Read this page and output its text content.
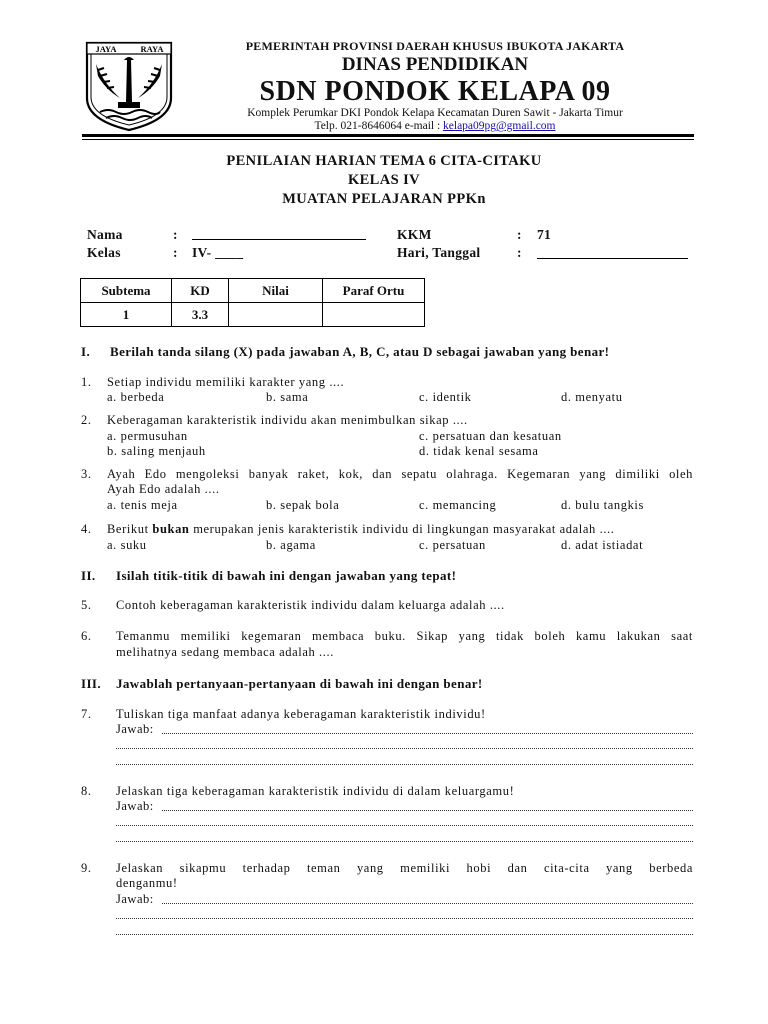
JAYA	RAYA	PEMERINTAH PROVINSI DAERAH KHUSUS IBUKOTA JAKARTA
DINAS PENDIDIKAN
SDN PONDOK KELAPA 09
Komplek Perumkar DKI Pondok Kelapa Kecamatan Duren Sawit - Jakarta Timur
Telp. 021-8646064 e-mail : kelapa09pg@gmail.com
PENILAIAN HARIAN TEMA 6 CITA-CITAKU
KELAS IV
MUATAN PELAJARAN PPKn
Nama	:
Kelas	: IV- ____
KKM	: 71
Hari, Tanggal	:
Subtema	KD	Nilai	Paraf Ortu
1	3.3		
I. Berilah tanda silang (X) pada jawaban A, B, C, atau D sebagai jawaban yang benar!
1. Setiap individu memiliki karakter yang ....
a. berbeda	b. sama	c. identik	d. menyatu
2. Keberagaman karakteristik individu akan menimbulkan sikap ....
a. permusuhan	c. persatuan dan kesatuan
b. saling menjauh	d. tidak kenal sesama
3. Ayah Edo mengoleksi banyak raket, kok, dan sepatu olahraga. Kegemaran yang dimiliki oleh
Ayah Edo adalah ....
a. tenis meja	b. sepak bola	c. memancing	d. bulu tangkis
4. Berikut bukan merupakan jenis karakteristik individu di lingkungan masyarakat adalah ....
a. suku	b. agama	c. persatuan	d. adat istiadat
II. Isilah titik-titik di bawah ini dengan jawaban yang tepat!
5. Contoh keberagaman karakteristik individu dalam keluarga adalah ....
6. Temanmu memiliki kegemaran membaca buku. Sikap yang tidak boleh kamu lakukan saat
melihatnya sedang membaca adalah ....
III. Jawablah pertanyaan-pertanyaan di bawah ini dengan benar!
7. Tuliskan tiga manfaat adanya keberagaman karakteristik individu!
Jawab:
8. Jelaskan tiga keberagaman karakteristik individu di dalam keluargamu!
Jawab:
9. Jelaskan sikapmu terhadap teman yang memiliki hobi dan cita-cita yang berbeda
denganmu!
Jawab:
